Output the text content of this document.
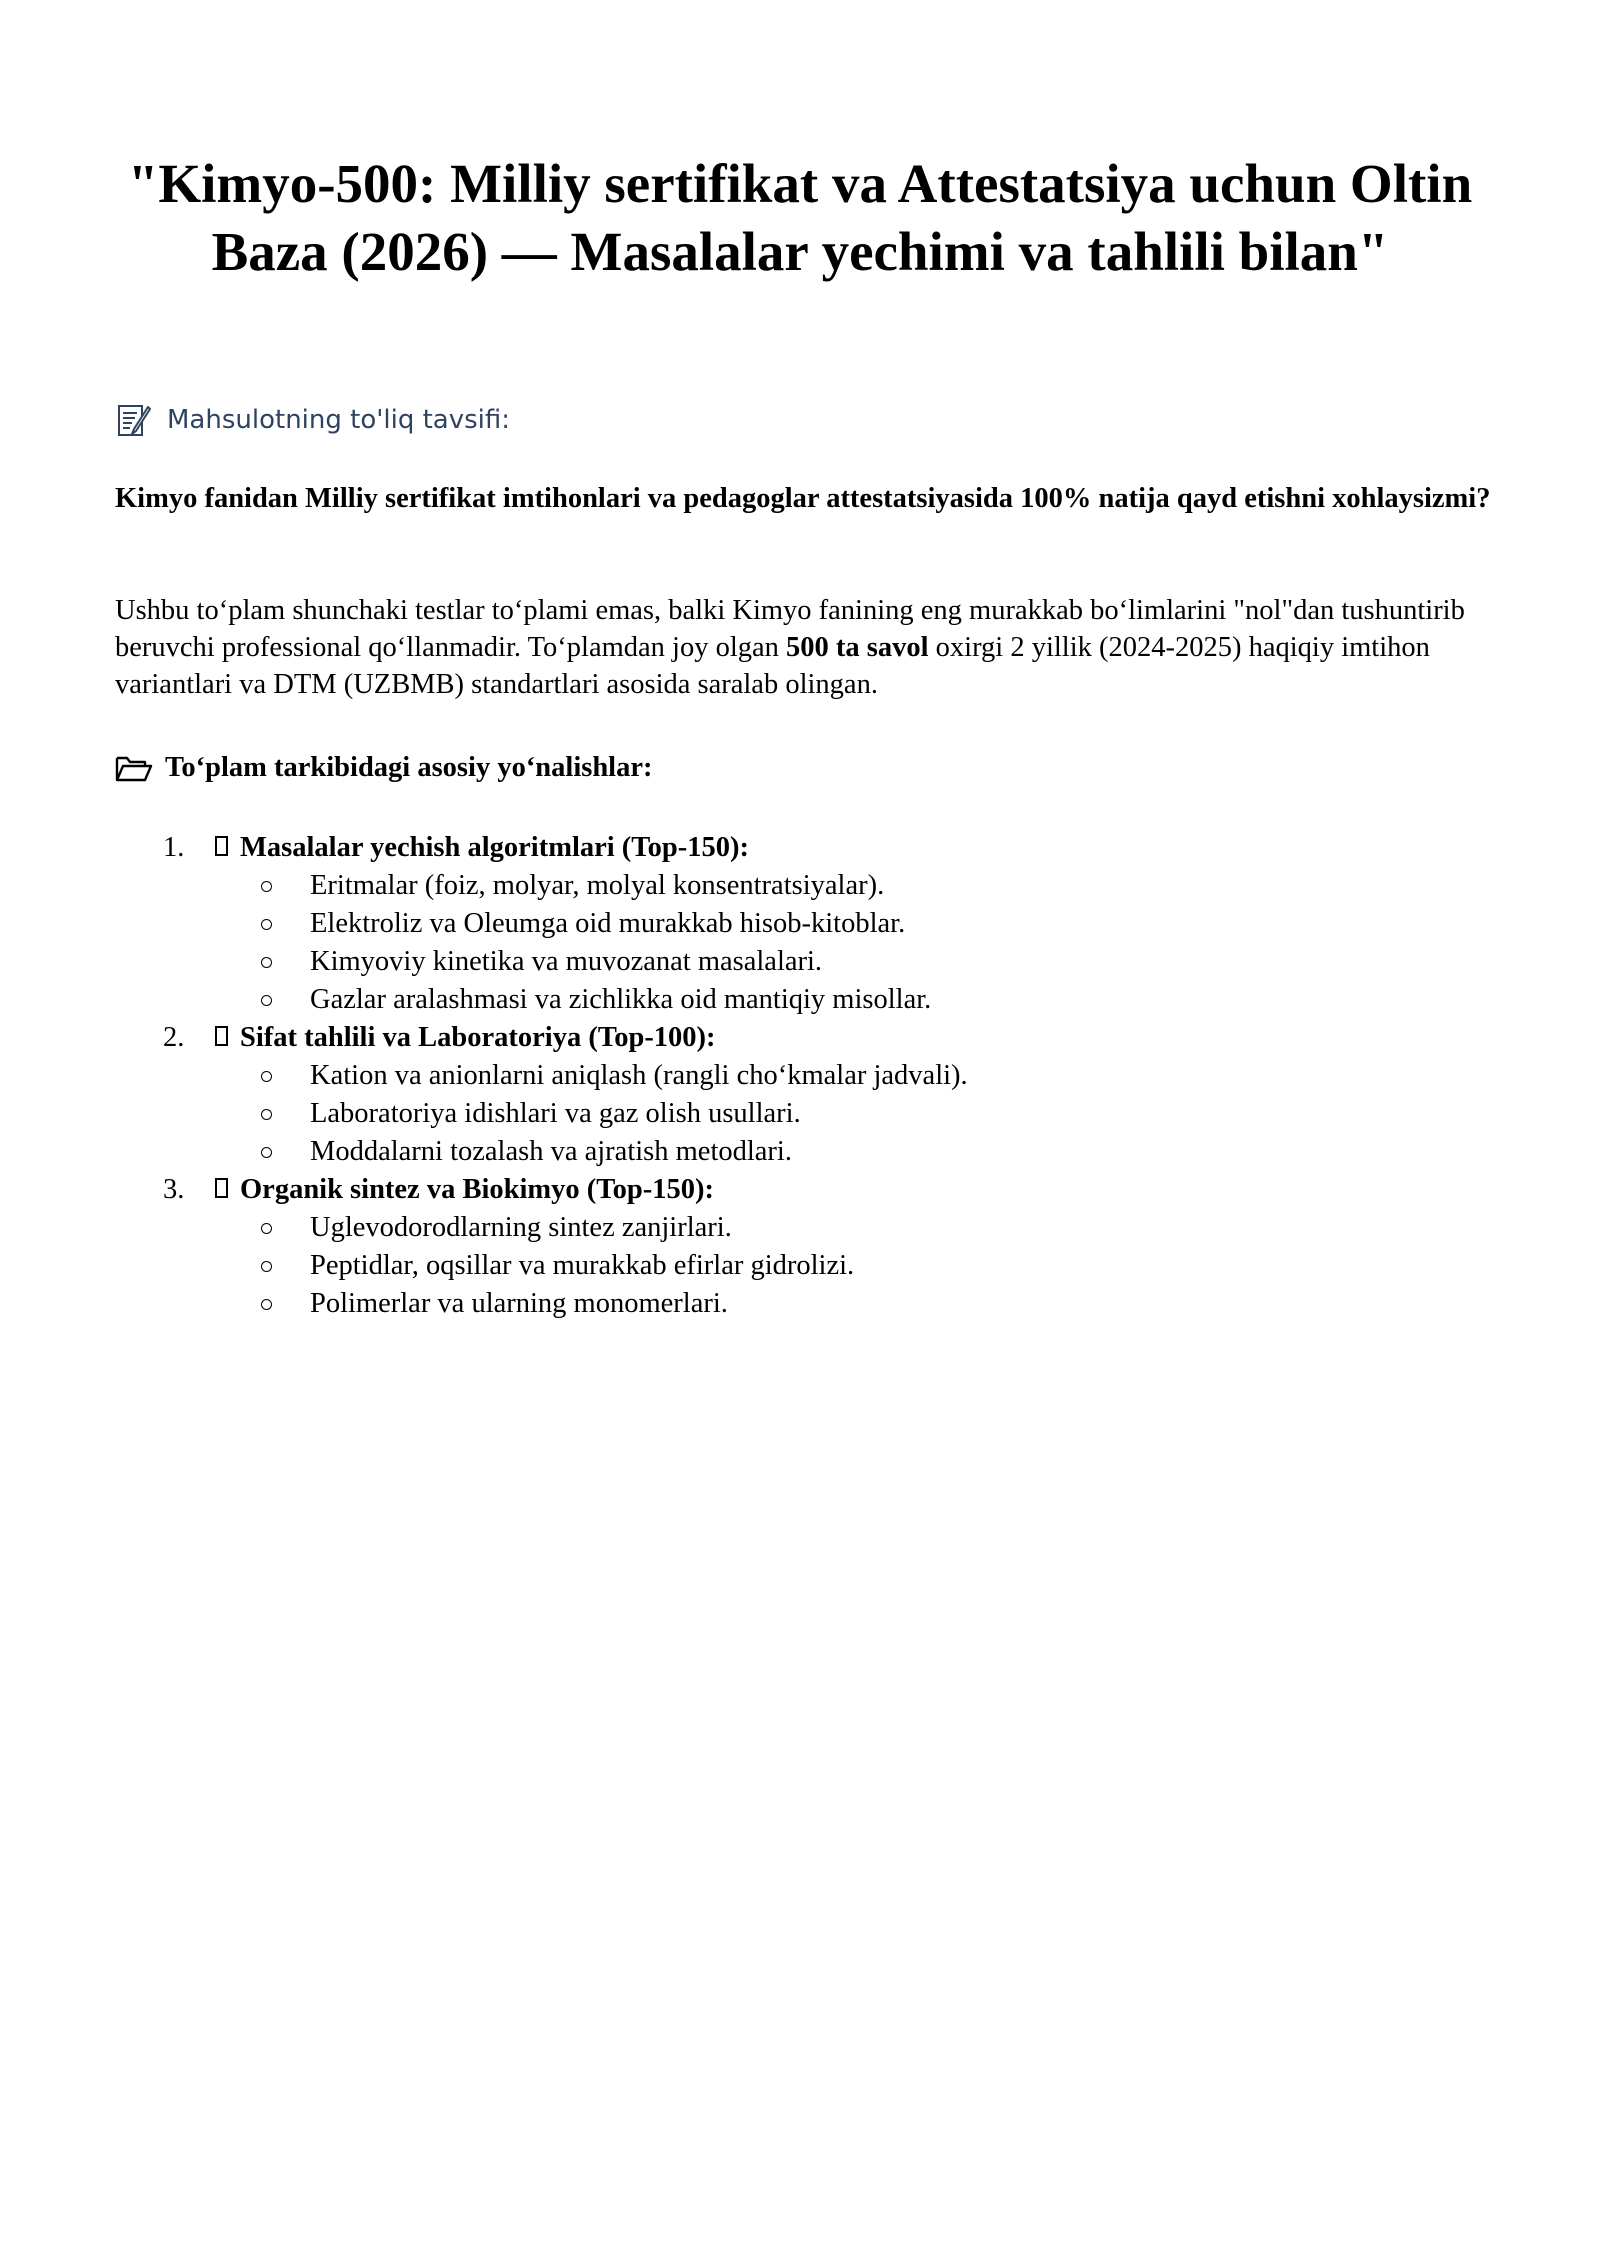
"Kimyo-500: Milliy sertifikat va Attestatsiya uchun Oltin Baza (2026) — Masalalar yechimi va tahlili bilan"
Mahsulotning to'liq tavsifi:

Kimyo fanidan Milliy sertifikat imtihonlari va pedagoglar attestatsiyasida 100% natija qayd etishni xohlaysizmi?

Ushbu to‘plam shunchaki testlar to‘plami emas, balki Kimyo fanining eng murakkab bo‘limlarini "nol"dan tushuntirib beruvchi professional qo‘llanmadir. To‘plamdan joy olgan 500 ta savol oxirgi 2 yillik (2024-2025) haqiqiy imtihon variantlari va DTM (UZBMB) standartlari asosida saralab olingan.

To‘plam tarkibidagi asosiy yo‘nalishlar:
1.	Masalalar yechish algoritmlari (Top-150):
Eritmalar (foiz, molyar, molyal konsentratsiyalar).
Elektroliz va Oleumga oid murakkab hisob-kitoblar.
Kimyoviy kinetika va muvozanat masalalari.
Gazlar aralashmasi va zichlikka oid mantiqiy misollar.
2.	Sifat tahlili va Laboratoriya (Top-100):
Kation va anionlarni aniqlash (rangli cho‘kmalar jadvali).
Laboratoriya idishlari va gaz olish usullari.
Moddalarni tozalash va ajratish metodlari.
3.	Organik sintez va Biokimyo (Top-150):
Uglevodorodlarning sintez zanjirlari.
Peptidlar, oqsillar va murakkab efirlar gidrolizi.
Polimerlar va ularning monomerlari.
